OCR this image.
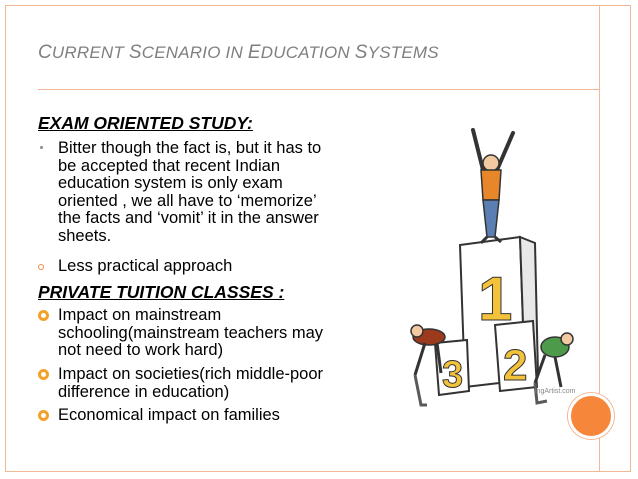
CURRENT SCENARIO IN EDUCATION SYSTEMS
EXAM ORIENTED STUDY:
Bitter though the fact is, but it has to
be accepted that recent Indian
education system is only exam
oriented , we all have to ‘memorize’
the facts and ‘vomit’ it in the answer
sheets.
Less practical approach
PRIVATE TUITION CLASSES :
Impact on mainstream
schooling(mainstream teachers may
not need to work hard)
Impact on societies(rich middle-poor
difference in education)
Economical impact on families
1
2
3	ingArtist.com
